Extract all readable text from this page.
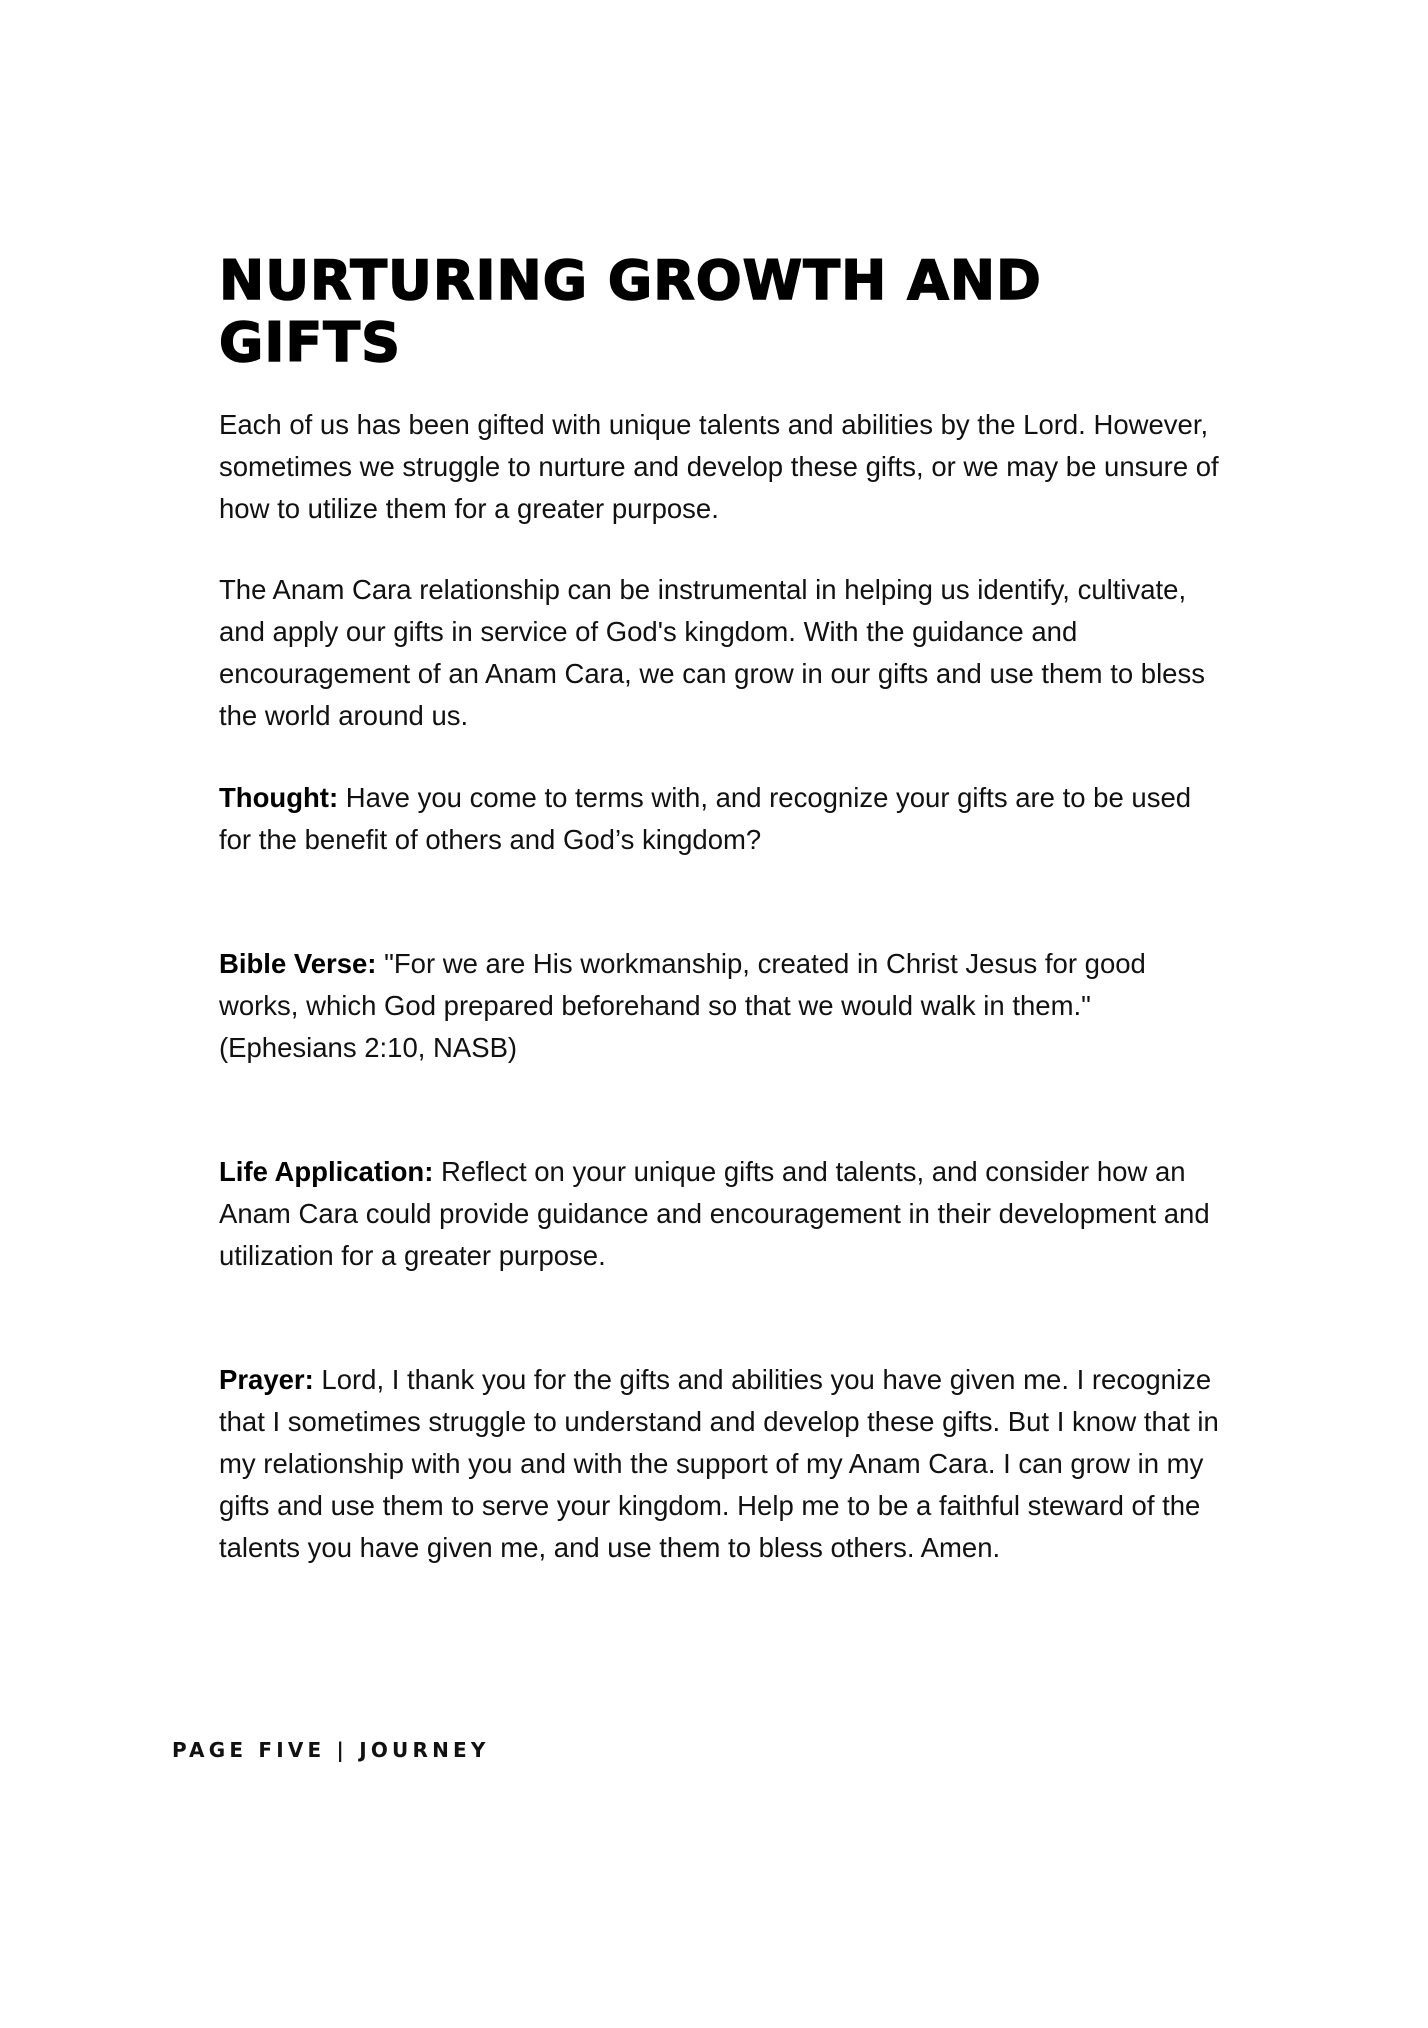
NURTURING GROWTH AND GIFTS

Each of us has been gifted with unique talents and abilities by the Lord. However, sometimes we struggle to nurture and develop these gifts, or we may be unsure of how to utilize them for a greater purpose.

The Anam Cara relationship can be instrumental in helping us identify, cultivate, and apply our gifts in service of God's kingdom. With the guidance and encouragement of an Anam Cara, we can grow in our gifts and use them to bless the world around us.

Thought: Have you come to terms with, and recognize your gifts are to be used for the benefit of others and God’s kingdom?

Bible Verse: "For we are His workmanship, created in Christ Jesus for good works, which God prepared beforehand so that we would walk in them." (Ephesians 2:10, NASB)

Life Application: Reflect on your unique gifts and talents, and consider how an Anam Cara could provide guidance and encouragement in their development and utilization for a greater purpose.

Prayer: Lord, I thank you for the gifts and abilities you have given me. I recognize that I sometimes struggle to understand and develop these gifts. But I know that in my relationship with you and with the support of my Anam Cara. I can grow in my gifts and use them to serve your kingdom. Help me to be a faithful steward of the talents you have given me, and use them to bless others. Amen.

PAGE FIVE | JOURNEY
